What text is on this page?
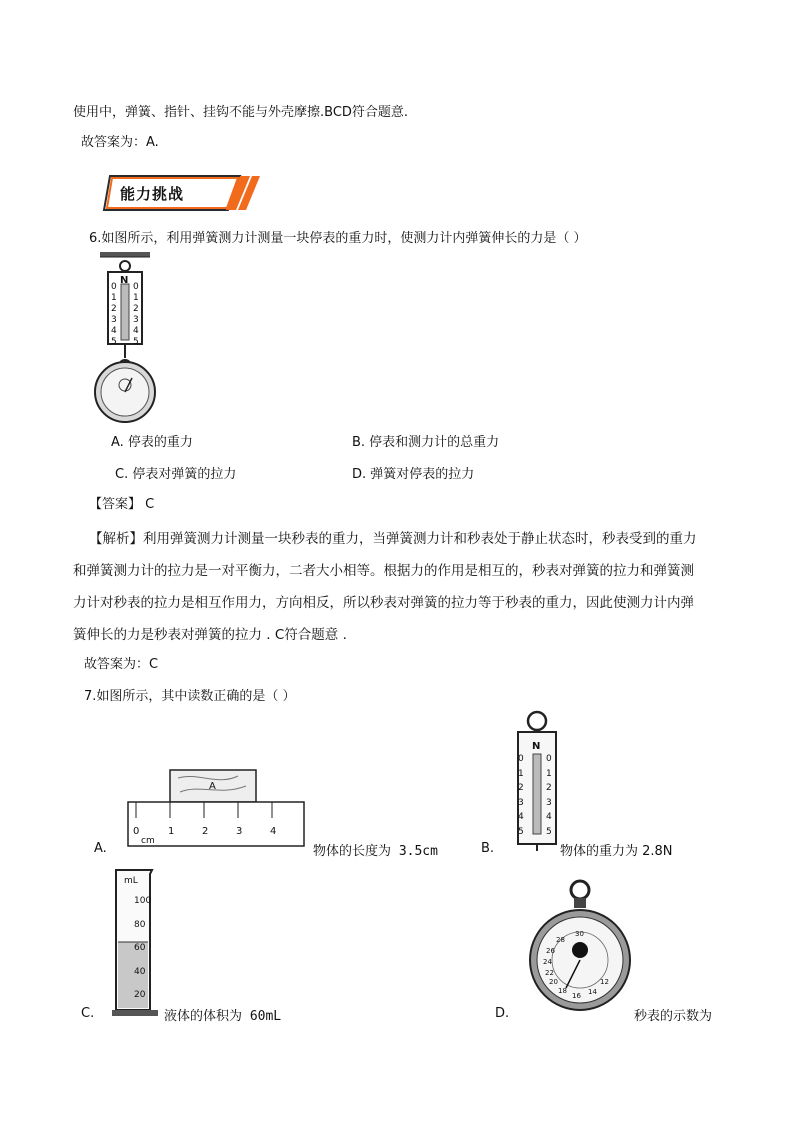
使用中，弹簧、指针、挂钩不能与外壳摩擦.BCD符合题意.
故答案为：A.
能力挑战
6.如图所示，利用弹簧测力计测量一块停表的重力时，使测力计内弹簧伸长的力是（ ）
N
0
1
2
3
4
5
0
1
2
3
4
5
A. 停表的重力	B. 停表和测力计的总重力
C. 停表对弹簧的拉力	D. 弹簧对停表的拉力
【答案】 C
【解析】利用弹簧测力计测量一块秒表的重力，当弹簧测力计和秒表处于静止状态时，秒表受到的重力
和弹簧测力计的拉力是一对平衡力，二者大小相等。根据力的作用是相互的，秒表对弹簧的拉力和弹簧测
力计对秒表的拉力是相互作用力，方向相反，所以秒表对弹簧的拉力等于秒表的重力，因此使测力计内弹
簧伸长的力是秒表对弹簧的拉力 . C符合题意 .
故答案为：C
7.如图所示，其中读数正确的是（ ）
A
0	1	2	3	4
cm
A.	物体的长度为 3.5cm
N
0
1
2
3
4
5
0
1
2
3
4
5
B.	物体的重力为 2.8N
mL
100
80
60
40
20
C.	液体的体积为 60mL
30
28
26
24
22
20
18
16 14
12
D.	秒表的示数为
